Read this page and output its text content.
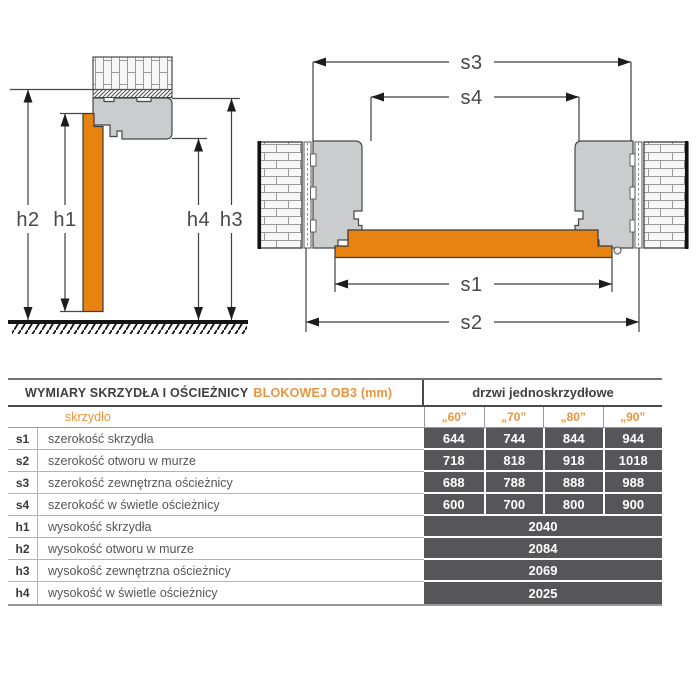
h2 h1	h4 h3
s3
s4
s1
s2
WYMIARY SKRZYDŁA I OŚCIEŻNICY BLOKOWEJ OB3 (mm)	drzwi jednoskrzydłowe
skrzydło	„60”	„70”	„80”	„90”
s1	szerokość skrzydła	644	744	844	944
s2	szerokość otworu w murze	718	818	918	1018
s3	szerokość zewnętrzna ościeżnicy	688	788	888	988
s4	szerokość w świetle ościeżnicy	600	700	800	900
h1	wysokość skrzydła	2040
h2	wysokość otworu w murze	2084
h3	wysokość zewnętrzna ościeżnicy	2069
h4	wysokość w świetle ościeżnicy	2025
